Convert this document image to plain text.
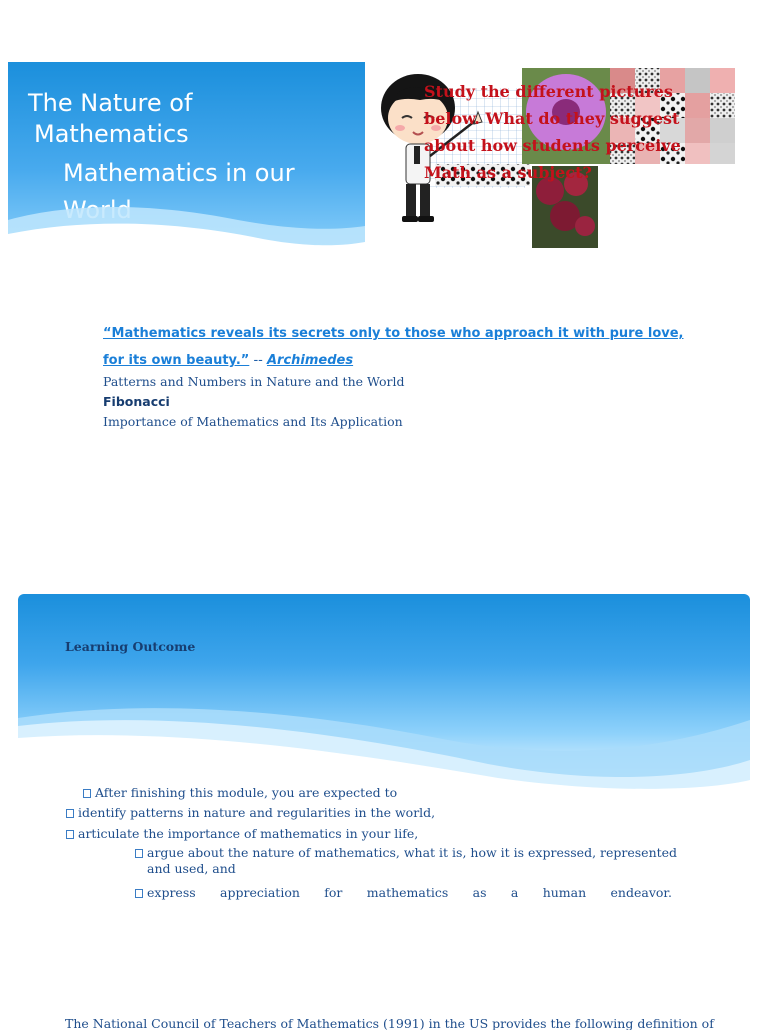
The Nature of
Mathematics
Mathematics in our

Study the different pictures below. What do they suggest about how students perceive Math as a subject?

“Mathematics reveals its secrets only to those who approach it with pure love, for its own beauty.” -- Archimedes

Patterns and Numbers in Nature and the World
Fibonacci
Importance of Mathematics and Its Application
Learning Outcome
After finishing this module, you are expected to
identify patterns in nature and regularities in the world,
articulate the importance of mathematics in your life,
argue about the nature of mathematics, what it is, how it is expressed, represented and used, and
express appreciation for mathematics as a human endeavor.
The National Council of Teachers of Mathematics (1991) in the US provides the following definition of
